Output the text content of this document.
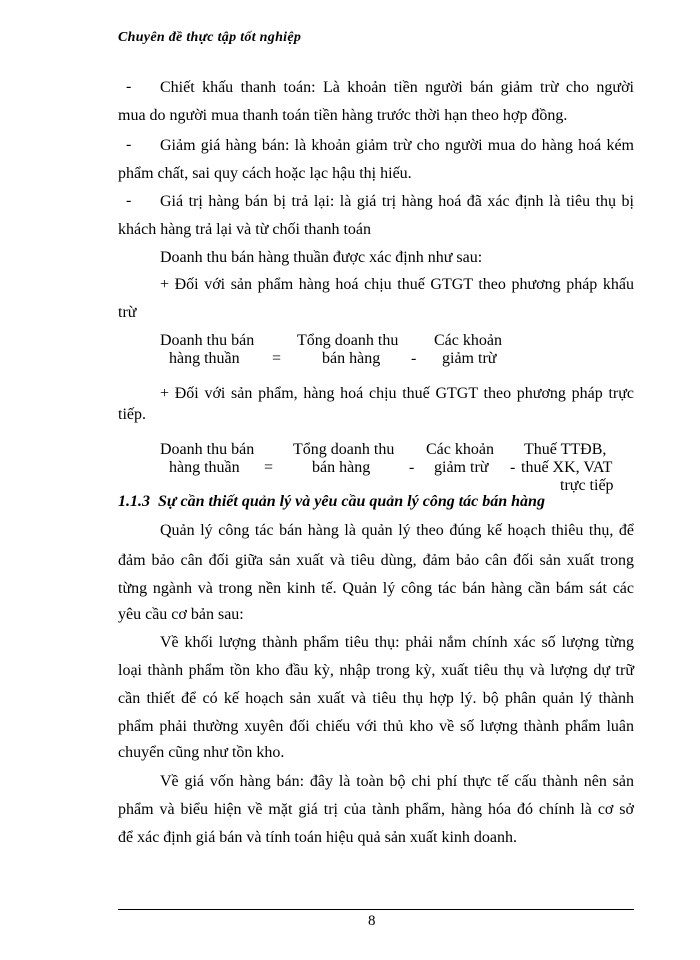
Chuyên đề thực tập tốt nghiệp
- Chiết khấu thanh toán: Là khoản tiền người bán giảm trừ cho người
mua do người mua thanh toán tiền hàng trước thời hạn theo hợp đồng.
- Giảm giá hàng bán: là khoản giảm trừ cho người mua do hàng hoá kém
phẩm chất, sai quy cách hoặc lạc hậu thị hiếu.
- Giá trị hàng bán bị trả lại: là giá trị hàng hoá đã xác định là tiêu thụ bị
khách hàng trả lại và từ chối thanh toán
Doanh thu bán hàng thuần được xác định như sau:
+ Đối với sản phẩm hàng hoá chịu thuế GTGT theo phương pháp khấu
trừ
Doanh thu bán
hàng thuần =
Tổng doanh thu
bán hàng -
Các khoản
giảm trừ
+ Đối với sản phẩm, hàng hoá chịu thuế GTGT theo phương pháp trực
tiếp.
Doanh thu bán
hàng thuần =
Tổng doanh thu
bán hàng -
Các khoản
giảm trừ -
Thuế TTĐB,
thuế XK, VAT
trực tiếp
1.1.3 Sự cần thiết quản lý và yêu cầu quản lý công tác bán hàng
Quản lý công tác bán hàng là quản lý theo đúng kế hoạch thiêu thụ, để
đảm bảo cân đối giữa sản xuất và tiêu dùng, đảm bảo cân đối sản xuất trong
từng ngành và trong nền kinh tế. Quản lý công tác bán hàng cần bám sát các
yêu cầu cơ bản sau:
Về khối lượng thành phẩm tiêu thụ: phải nắm chính xác số lượng từng
loại thành phẩm tồn kho đầu kỳ, nhập trong kỳ, xuất tiêu thụ và lượng dự trữ
cần thiết để có kế hoạch sản xuất và tiêu thụ hợp lý. bộ phân quản lý thành
phẩm phải thường xuyên đối chiếu với thủ kho về số lượng thành phẩm luân
chuyển cũng như tồn kho.
Về giá vốn hàng bán: đây là toàn bộ chi phí thực tế cấu thành nên sản
phẩm và biểu hiện về mặt giá trị của tành phẩm, hàng hóa đó chính là cơ sở
để xác định giá bán và tính toán hiệu quả sản xuất kinh doanh.
8
